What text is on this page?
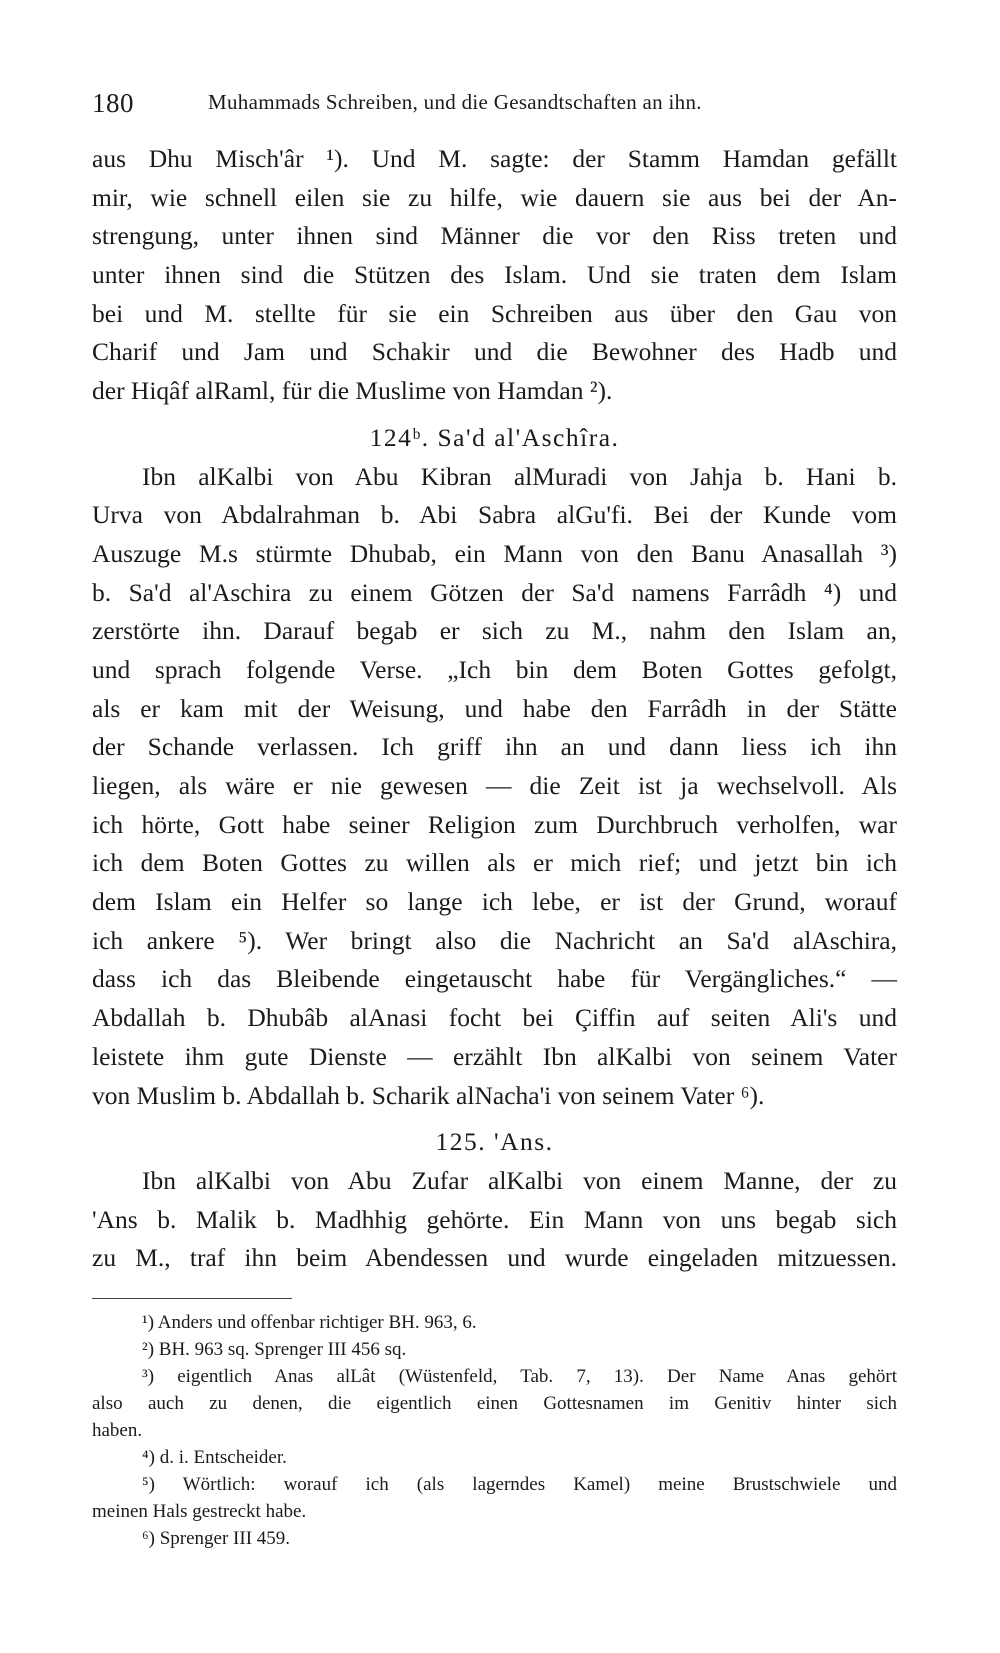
180	Muhammads Schreiben, und die Gesandtschaften an ihn.
aus Dhu Misch'âr ¹). Und M. sagte: der Stamm Hamdan gefällt
mir, wie schnell eilen sie zu hilfe, wie dauern sie aus bei der An-
strengung, unter ihnen sind Männer die vor den Riss treten und
unter ihnen sind die Stützen des Islam. Und sie traten dem Islam
bei und M. stellte für sie ein Schreiben aus über den Gau von
Charif und Jam und Schakir und die Bewohner des Hadb und
der Hiqâf alRaml, für die Muslime von Hamdan ²).
124ᵇ. Sa'd al'Aschîra.
Ibn alKalbi von Abu Kibran alMuradi von Jahja b. Hani b.
Urva von Abdalrahman b. Abi Sabra alGu'fi. Bei der Kunde vom
Auszuge M.s stürmte Dhubab, ein Mann von den Banu Anasallah ³)
b. Sa'd al'Aschira zu einem Götzen der Sa'd namens Farrâdh ⁴) und
zerstörte ihn. Darauf begab er sich zu M., nahm den Islam an,
und sprach folgende Verse. „Ich bin dem Boten Gottes gefolgt,
als er kam mit der Weisung, und habe den Farrâdh in der Stätte
der Schande verlassen. Ich griff ihn an und dann liess ich ihn
liegen, als wäre er nie gewesen — die Zeit ist ja wechselvoll. Als
ich hörte, Gott habe seiner Religion zum Durchbruch verholfen, war
ich dem Boten Gottes zu willen als er mich rief; und jetzt bin ich
dem Islam ein Helfer so lange ich lebe, er ist der Grund, worauf
ich ankere ⁵). Wer bringt also die Nachricht an Sa'd alAschira,
dass ich das Bleibende eingetauscht habe für Vergängliches.“ —
Abdallah b. Dhubâb alAnasi focht bei Çiffin auf seiten Ali's und
leistete ihm gute Dienste — erzählt Ibn alKalbi von seinem Vater
von Muslim b. Abdallah b. Scharik alNacha'i von seinem Vater ⁶).
125. 'Ans.
Ibn alKalbi von Abu Zufar alKalbi von einem Manne, der zu
'Ans b. Malik b. Madhhig gehörte. Ein Mann von uns begab sich
zu M., traf ihn beim Abendessen und wurde eingeladen mitzuessen.
¹) Anders und offenbar richtiger BH. 963, 6.
²) BH. 963 sq. Sprenger III 456 sq.
³) eigentlich Anas alLât (Wüstenfeld, Tab. 7, 13). Der Name Anas gehört
also auch zu denen, die eigentlich einen Gottesnamen im Genitiv hinter sich
haben.
⁴) d. i. Entscheider.
⁵) Wörtlich: worauf ich (als lagerndes Kamel) meine Brustschwiele und
meinen Hals gestreckt habe.
⁶) Sprenger III 459.
